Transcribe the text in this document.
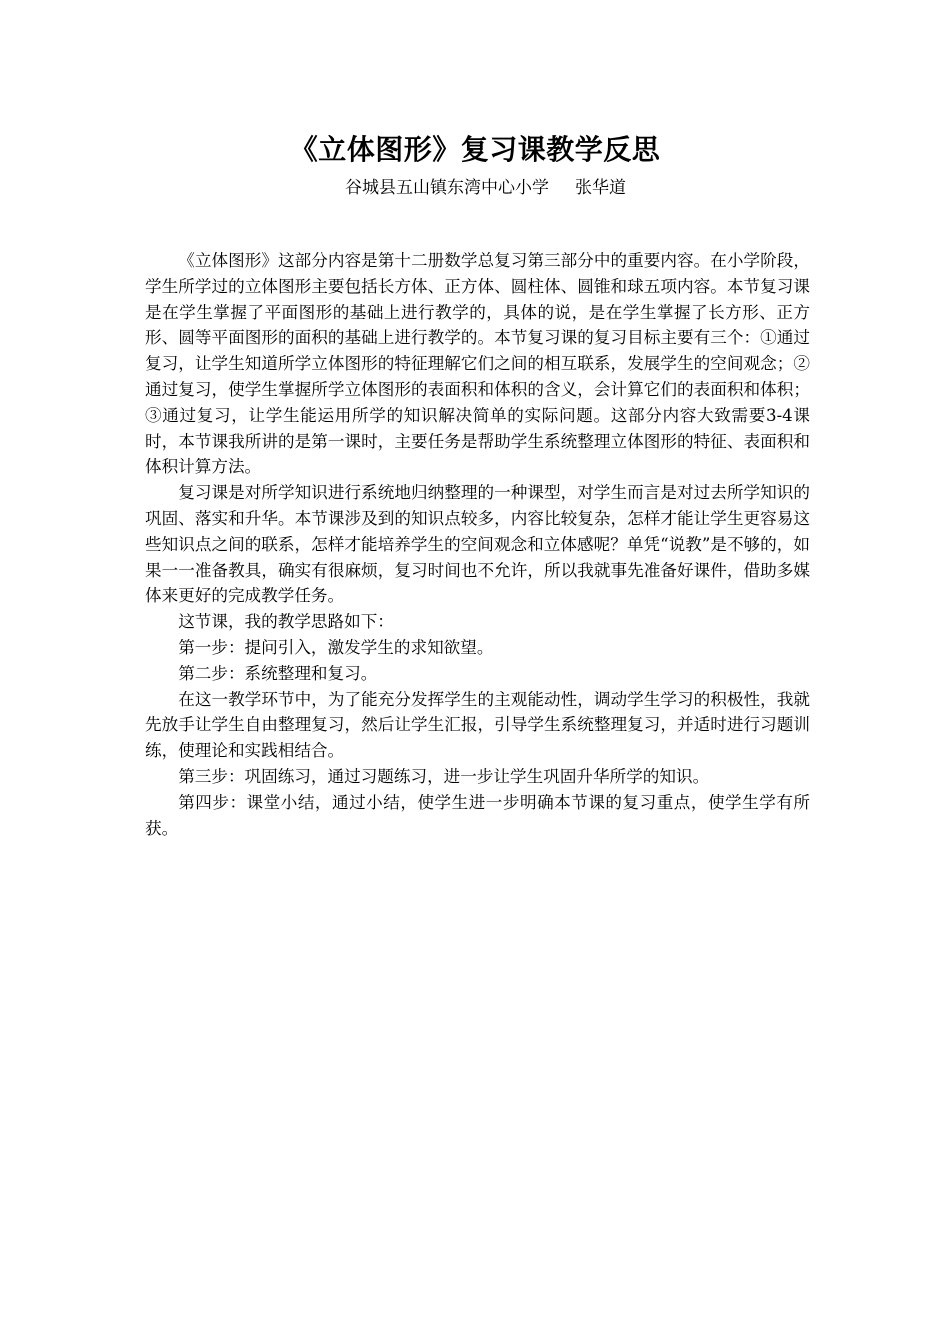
《立体图形》复习课教学反思
谷城县五山镇东湾中心小学 张华道

《立体图形》这部分内容是第十二册数学总复习第三部分中的重要内容。在小学阶段，学生所学过的立体图形主要包括长方体、正方体、圆柱体、圆锥和球五项内容。本节复习课是在学生掌握了平面图形的基础上进行教学的，具体的说，是在学生掌握了长方形、正方形、圆等平面图形的面积的基础上进行教学的。本节复习课的复习目标主要有三个：①通过复习，让学生知道所学立体图形的特征理解它们之间的相互联系，发展学生的空间观念；②通过复习，使学生掌握所学立体图形的表面积和体积的含义，会计算它们的表面积和体积；③通过复习，让学生能运用所学的知识解决简单的实际问题。这部分内容大致需要3-4课时，本节课我所讲的是第一课时，主要任务是帮助学生系统整理立体图形的特征、表面积和体积计算方法。

复习课是对所学知识进行系统地归纳整理的一种课型，对学生而言是对过去所学知识的巩固、落实和升华。本节课涉及到的知识点较多，内容比较复杂，怎样才能让学生更容易这些知识点之间的联系，怎样才能培养学生的空间观念和立体感呢？单凭“说教”是不够的，如果一一准备教具，确实有很麻烦，复习时间也不允许，所以我就事先准备好课件，借助多媒体来更好的完成教学任务。

这节课，我的教学思路如下：

第一步：提问引入，激发学生的求知欲望。

第二步：系统整理和复习。

在这一教学环节中，为了能充分发挥学生的主观能动性，调动学生学习的积极性，我就先放手让学生自由整理复习，然后让学生汇报，引导学生系统整理复习，并适时进行习题训练，使理论和实践相结合。

第三步：巩固练习，通过习题练习，进一步让学生巩固升华所学的知识。

第四步：课堂小结，通过小结，使学生进一步明确本节课的复习重点，使学生学有所获。
